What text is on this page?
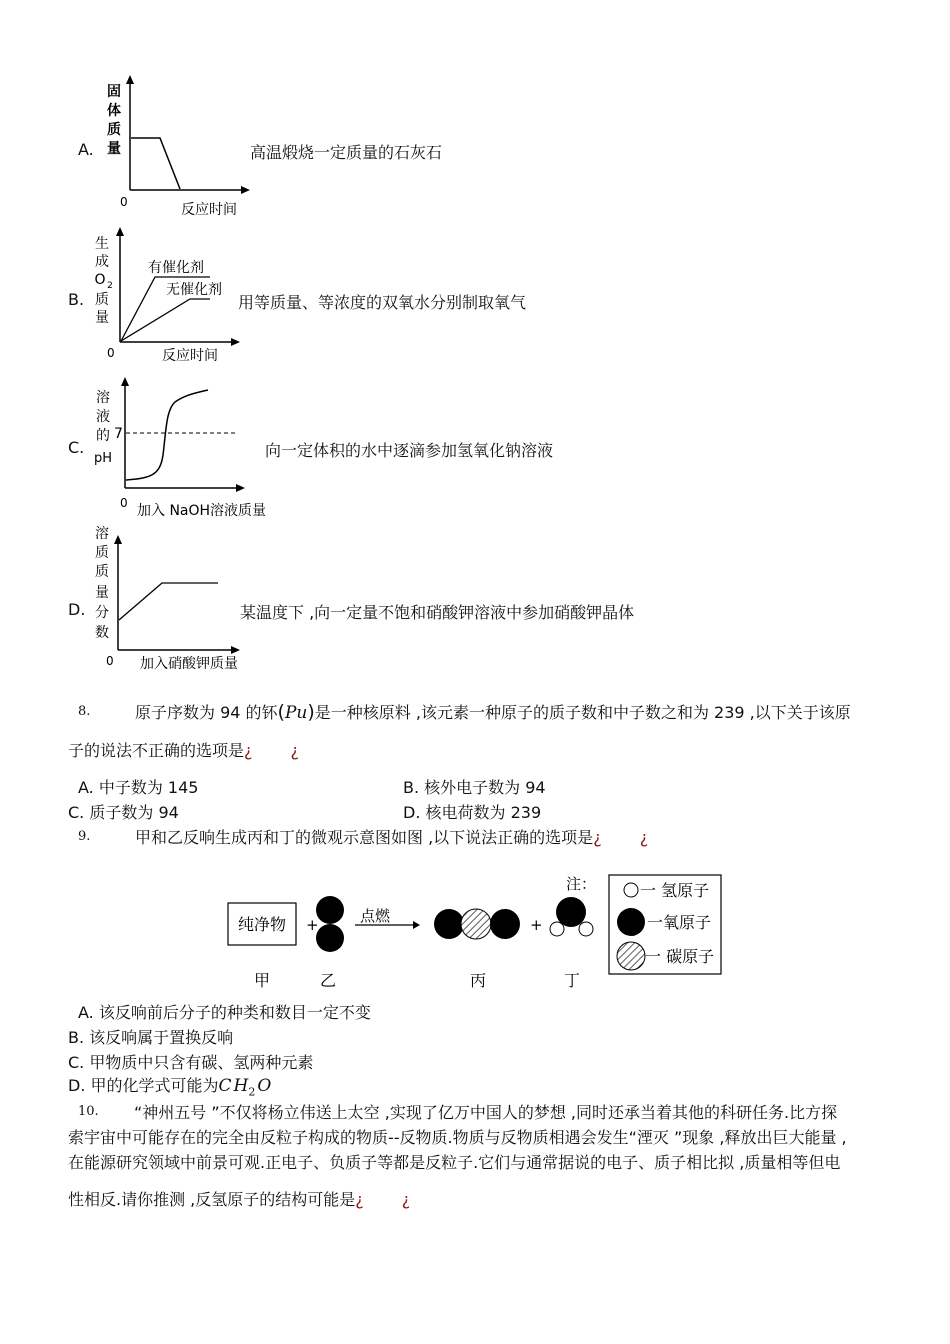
A.
固
体
质
量
0	反应时间
高温煅烧一定质量的石灰石
B.
生
成
O 2
质
量
0	反应时间
有催化剂
无催化剂
用等质量、等浓度的双氧水分别制取氧气
C.
溶
液
的
pH
7
0 加入 NaOH溶液质量
向一定体积的水中逐滴参加氢氧化钠溶液
D.
溶
质
质
量
分
数
0 加入硝酸钾质量
某温度下 ,向一定量不饱和硝酸钾溶液中参加硝酸钾晶体
8.	原子序数为 94 的钚(Pu)是一种核原料 ,该元素一种原子的质子数和中子数之和为 239 ,以下关于该原
子的说法不正确的选项是¿ ¿
A. 中子数为 145	B. 核外电子数为 94
C. 质子数为 94	D. 核电荷数为 239
9.	甲和乙反响生成丙和丁的微观示意图如图 ,以下说法正确的选项是¿ ¿
纯净物 +	点燃	+
注：	一 氢原子
一氧原子
一 碳原子
甲	乙	丙	丁
A. 该反响前后分子的种类和数目一定不变
B. 该反响属于置换反响
C. 甲物质中只含有碳、氢两种元素
D. 甲的化学式可能为C $H_2$ O
10. “神州五号 ”不仅将杨立伟送上太空 ,实现了亿万中国人的梦想 ,同时还承当着其他的科研任务.比方探
索宇宙中可能存在的完全由反粒子构成的物质--反物质.物质与反物质相遇会发生“湮灭 ”现象 ,释放出巨大能量 ,
在能源研究领域中前景可观.正电子、负质子等都是反粒子.它们与通常据说的电子、质子相比拟 ,质量相等但电
性相反.请你推测 ,反氢原子的结构可能是¿ ¿
